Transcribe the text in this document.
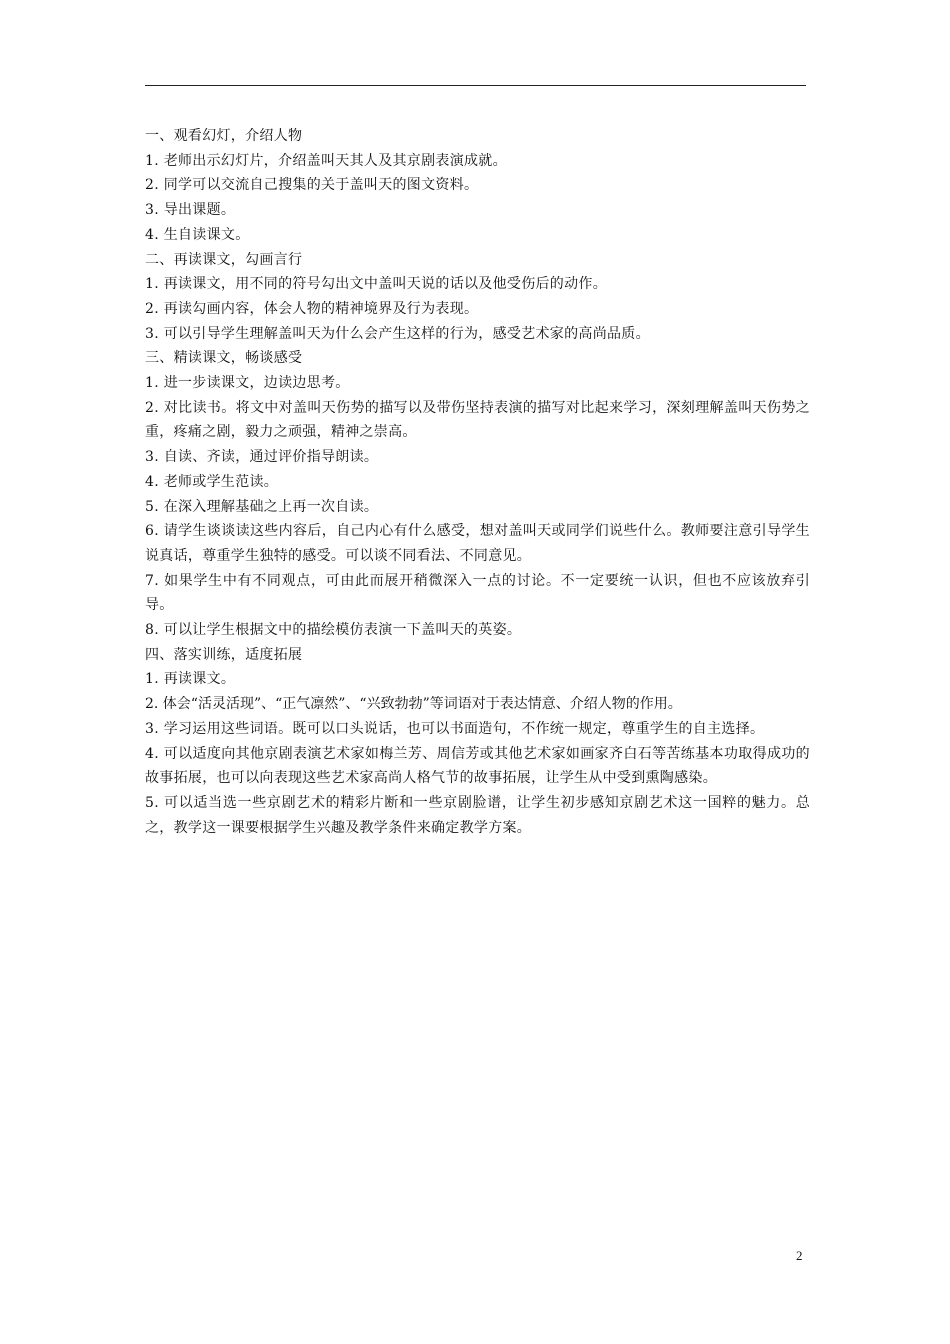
一、观看幻灯，介绍人物
1. 老师出示幻灯片，介绍盖叫天其人及其京剧表演成就。
2. 同学可以交流自己搜集的关于盖叫天的图文资料。
3. 导出课题。
4. 生自读课文。
二、再读课文，勾画言行
1. 再读课文，用不同的符号勾出文中盖叫天说的话以及他受伤后的动作。
2. 再读勾画内容，体会人物的精神境界及行为表现。
3. 可以引导学生理解盖叫天为什么会产生这样的行为，感受艺术家的高尚品质。
三、精读课文，畅谈感受
1. 进一步读课文，边读边思考。
2. 对比读书。将文中对盖叫天伤势的描写以及带伤坚持表演的描写对比起来学习，深刻理解盖叫天伤势之重，疼痛之剧，毅力之顽强，精神之崇高。
3. 自读、齐读，通过评价指导朗读。
4. 老师或学生范读。
5. 在深入理解基础之上再一次自读。
6. 请学生谈谈读这些内容后，自己内心有什么感受，想对盖叫天或同学们说些什么。教师要注意引导学生说真话，尊重学生独特的感受。可以谈不同看法、不同意见。
7. 如果学生中有不同观点，可由此而展开稍微深入一点的讨论。不一定要统一认识，但也不应该放弃引导。
8. 可以让学生根据文中的描绘模仿表演一下盖叫天的英姿。
四、落实训练，适度拓展
1. 再读课文。
2. 体会“活灵活现”、“正气凛然”、“兴致勃勃”等词语对于表达情意、介绍人物的作用。
3. 学习运用这些词语。既可以口头说话，也可以书面造句，不作统一规定，尊重学生的自主选择。
4. 可以适度向其他京剧表演艺术家如梅兰芳、周信芳或其他艺术家如画家齐白石等苦练基本功取得成功的故事拓展，也可以向表现这些艺术家高尚人格气节的故事拓展，让学生从中受到熏陶感染。
5. 可以适当选一些京剧艺术的精彩片断和一些京剧脸谱，让学生初步感知京剧艺术这一国粹的魅力。总之，教学这一课要根据学生兴趣及教学条件来确定教学方案。
2
